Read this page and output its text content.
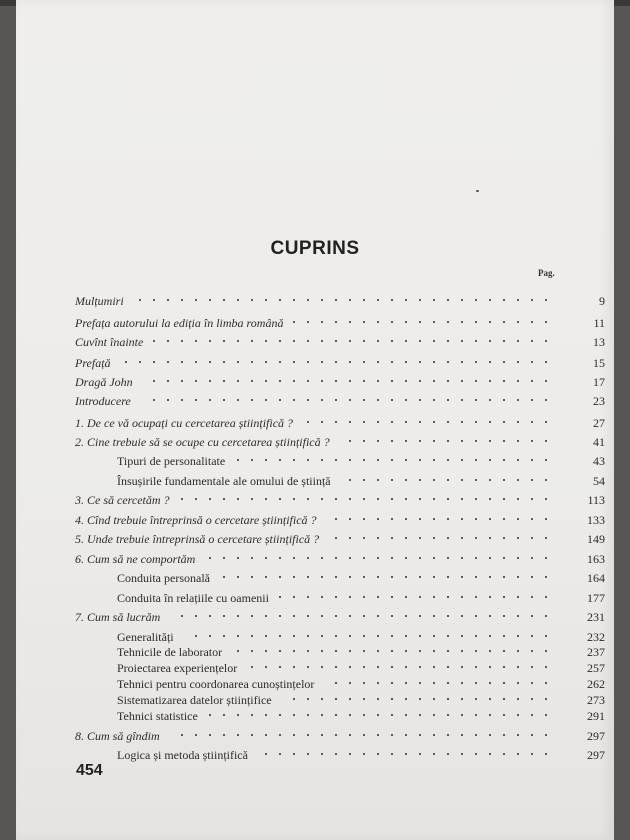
CUPRINS
Pag.
Mulțumiri	9
Prefața autorului la ediția în limba română	11
Cuvînt înainte	13
Prefață	15
Dragă John	17
Introducere	23
1. De ce vă ocupați cu cercetarea științifică ?	27
2. Cine trebuie să se ocupe cu cercetarea științifică ?	41
Tipuri de personalitate	43
Însușirile fundamentale ale omului de știință	54
3. Ce să cercetăm ?	113
4. Cînd trebuie întreprinsă o cercetare științifică ?	133
5. Unde trebuie întreprinsă o cercetare științifică ?	149
6. Cum să ne comportăm	163
Conduita personală	164
Conduita în relațiile cu oamenii	177
7. Cum să lucrăm	231
Generalități	232
Tehnicile de laborator	237
Proiectarea experiențelor	257
Tehnici pentru coordonarea cunoștințelor	262
Sistematizarea datelor științifice	273
Tehnici statistice	291
8. Cum să gîndim	297
Logica și metoda științifică	297
454
